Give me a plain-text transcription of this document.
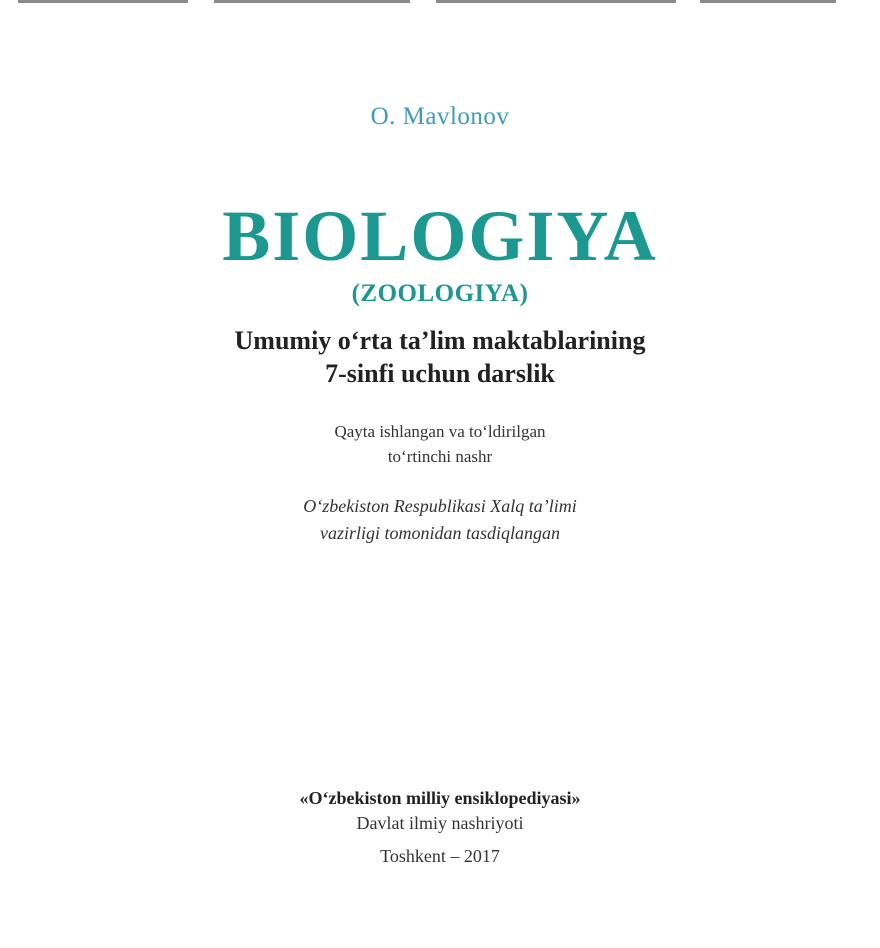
O. Mavlonov

BIOLOGIYA

(ZOOLOGIYA)

Umumiy o‘rta ta’lim maktablarining

7-sinfi uchun darslik

Qayta ishlangan va to‘ldirilgan

to‘rtinchi nashr

O‘zbekiston Respublikasi Xalq ta’limi

vazirligi tomonidan tasdiqlangan

«O‘zbekiston milliy ensiklopediyasi»

Davlat ilmiy nashriyoti

Toshkent – 2017
